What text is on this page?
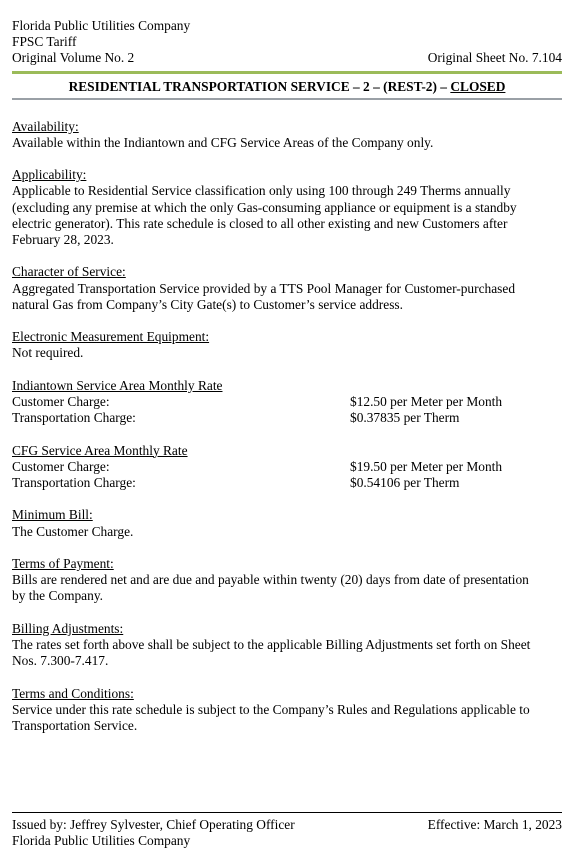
Florida Public Utilities Company
FPSC Tariff
Original Volume No. 2	Original Sheet No. 7.104
RESIDENTIAL TRANSPORTATION SERVICE – 2 – (REST-2) – CLOSED
Availability:
Available within the Indiantown and CFG Service Areas of the Company only.
Applicability:
Applicable to Residential Service classification only using 100 through 249 Therms annually
(excluding any premise at which the only Gas-consuming appliance or equipment is a standby
electric generator). This rate schedule is closed to all other existing and new Customers after
February 28, 2023.
Character of Service:
Aggregated Transportation Service provided by a TTS Pool Manager for Customer-purchased
natural Gas from Company’s City Gate(s) to Customer’s service address.
Electronic Measurement Equipment:
Not required.
Indiantown Service Area Monthly Rate
Customer Charge:	$12.50 per Meter per Month
Transportation Charge:	$0.37835 per Therm
CFG Service Area Monthly Rate
Customer Charge:	$19.50 per Meter per Month
Transportation Charge:	$0.54106 per Therm
Minimum Bill:
The Customer Charge.
Terms of Payment:
Bills are rendered net and are due and payable within twenty (20) days from date of presentation
by the Company.
Billing Adjustments:
The rates set forth above shall be subject to the applicable Billing Adjustments set forth on Sheet
Nos. 7.300-7.417.
Terms and Conditions:
Service under this rate schedule is subject to the Company’s Rules and Regulations applicable to
Transportation Service.
Issued by: Jeffrey Sylvester, Chief Operating Officer	Effective: March 1, 2023
Florida Public Utilities Company
